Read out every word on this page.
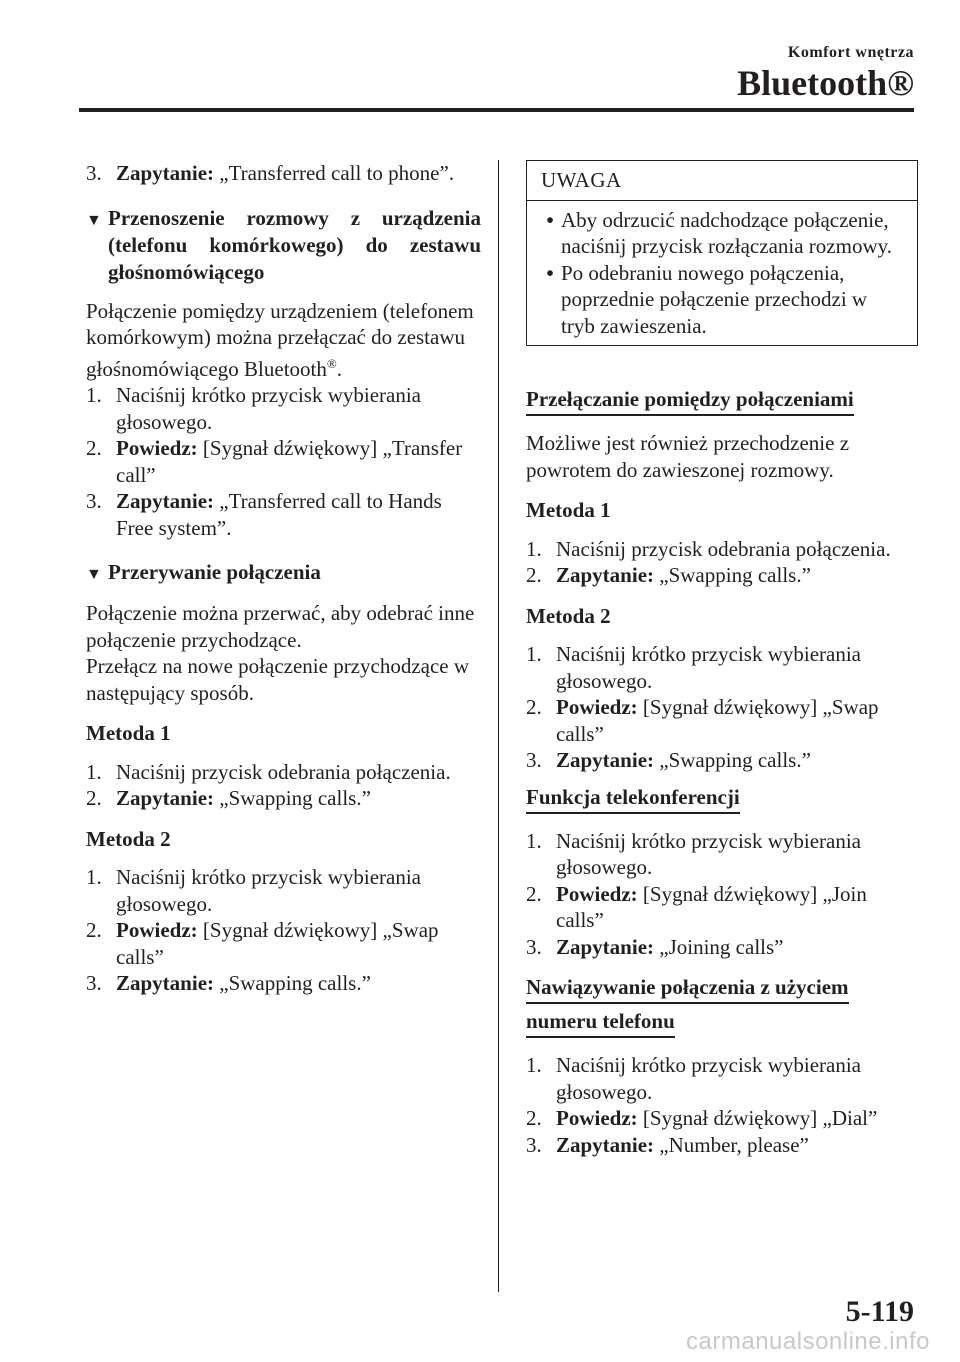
Komfort wnętrza
Bluetooth®

3. Zapytanie: „Transferred call to phone”.

▼ Przenoszenie rozmowy z urządzenia (telefonu komórkowego) do zestawu głośnomówiącego

Połączenie pomiędzy urządzeniem (telefonem komórkowym) można przełączać do zestawu głośnomówiącego Bluetooth®.

1. Naciśnij krótko przycisk wybierania głosowego.

2. Powiedz: [Sygnał dźwiękowy] „Transfer call”

3. Zapytanie: „Transferred call to Hands Free system”.

▼ Przerywanie połączenia

Połączenie można przerwać, aby odebrać inne połączenie przychodzące.

Przełącz na nowe połączenie przychodzące w następujący sposób.

Metoda 1

1. Naciśnij przycisk odebrania połączenia.

2. Zapytanie: „Swapping calls.”

Metoda 2

1. Naciśnij krótko przycisk wybierania głosowego.

2. Powiedz: [Sygnał dźwiękowy] „Swap calls”

3. Zapytanie: „Swapping calls.”

UWAGA
• Aby odrzucić nadchodzące połączenie, naciśnij przycisk rozłączania rozmowy.
• Po odebraniu nowego połączenia, poprzednie połączenie przechodzi w tryb zawieszenia.
Przełączanie pomiędzy połączeniami

Możliwe jest również przechodzenie z powrotem do zawieszonej rozmowy.

Metoda 1

1. Naciśnij przycisk odebrania połączenia.

2. Zapytanie: „Swapping calls.”

Metoda 2

1. Naciśnij krótko przycisk wybierania głosowego.

2. Powiedz: [Sygnał dźwiękowy] „Swap calls”

3. Zapytanie: „Swapping calls.”

Funkcja telekonferencji

1. Naciśnij krótko przycisk wybierania głosowego.

2. Powiedz: [Sygnał dźwiękowy] „Join calls”

3. Zapytanie: „Joining calls”

Nawiązywanie połączenia z użyciem
numeru telefonu

1. Naciśnij krótko przycisk wybierania głosowego.

2. Powiedz: [Sygnał dźwiękowy] „Dial”

3. Zapytanie: „Number, please”

5-119
carmanualsonline.info
